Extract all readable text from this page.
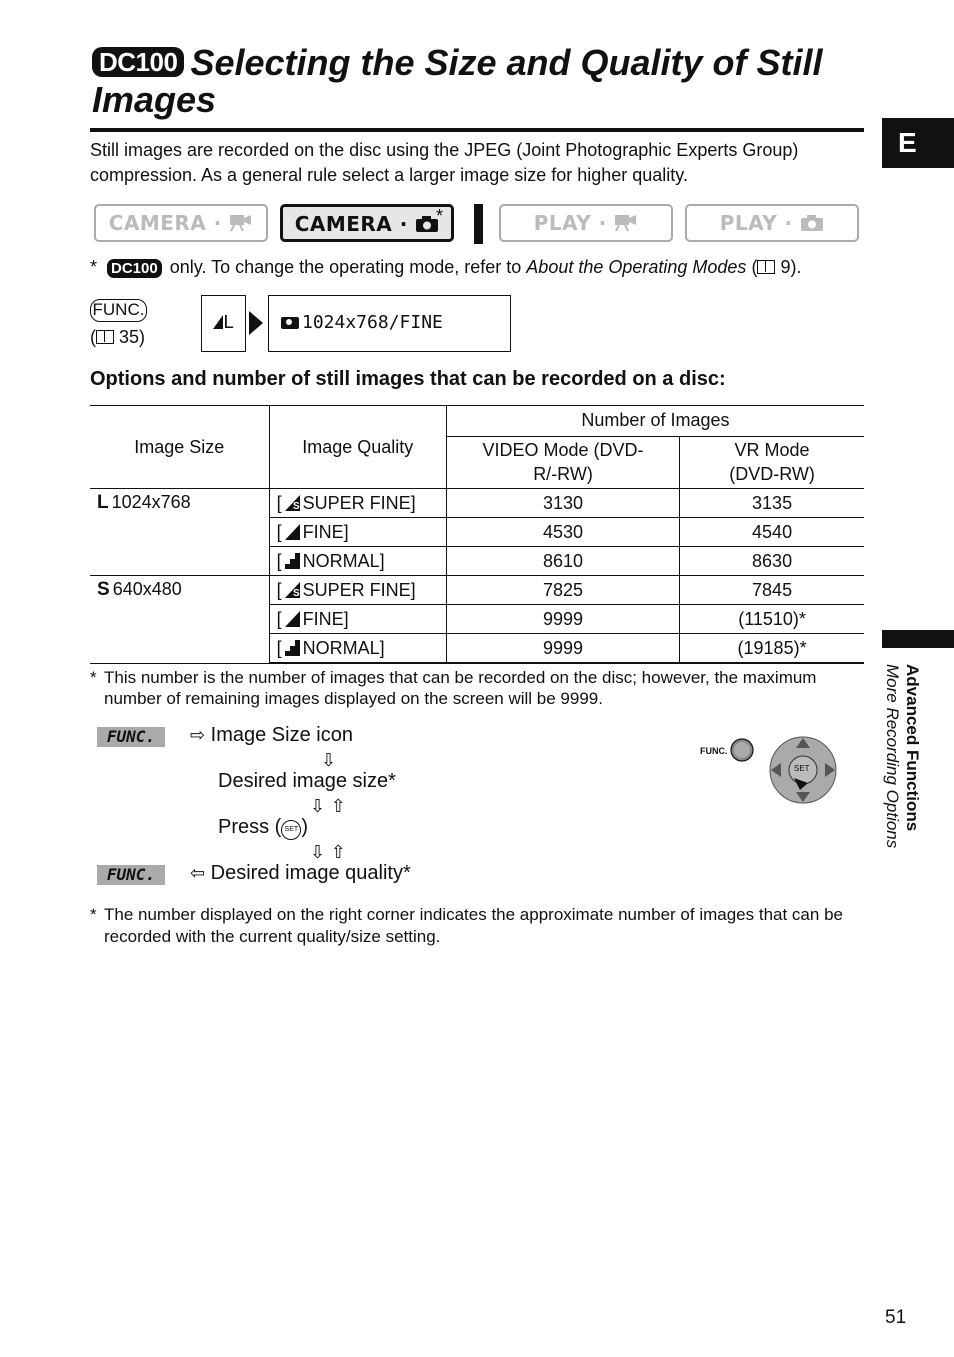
DC100 Selecting the Size and Quality of Still Images
E
Advanced Functions
More Recording Options
Still images are recorded on the disc using the JPEG (Joint Photographic Experts Group) compression. As a general rule select a larger image size for higher quality.
CAMERA ·	CAMERA ·	*	PLAY ·	PLAY ·
* DC100 only. To change the operating mode, refer to About the Operating Modes ( 9).
FUNC.
( 35)
L	1024x768/FINE
Options and number of still images that can be recorded on a disc:
Image Size	Image Quality	Number of Images	
		VIDEO Mode (DVD-R/-RW)	VR Mode (DVD-RW)
L 1024x768	[ S SUPER FINE]	3130	3135
	[ FINE]	4530	4540
	[ NORMAL]	8610	8630
S 640x480	[ S SUPER FINE]	7825	7845
	[ FINE]	9999	(11510)*
	[ NORMAL]	9999	(19185)*
* This number is the number of images that can be recorded on the disc; however, the maximum number of remaining images displayed on the screen will be 9999.
FUNC.	⇨ Image Size icon
⇩
Desired image size*
⇩ ⇧
Press ( SET )
⇩ ⇧
FUNC.	⇦ Desired image quality*
FUNC.
SET
* The number displayed on the right corner indicates the approximate number of images that can be recorded with the current quality/size setting.
51
